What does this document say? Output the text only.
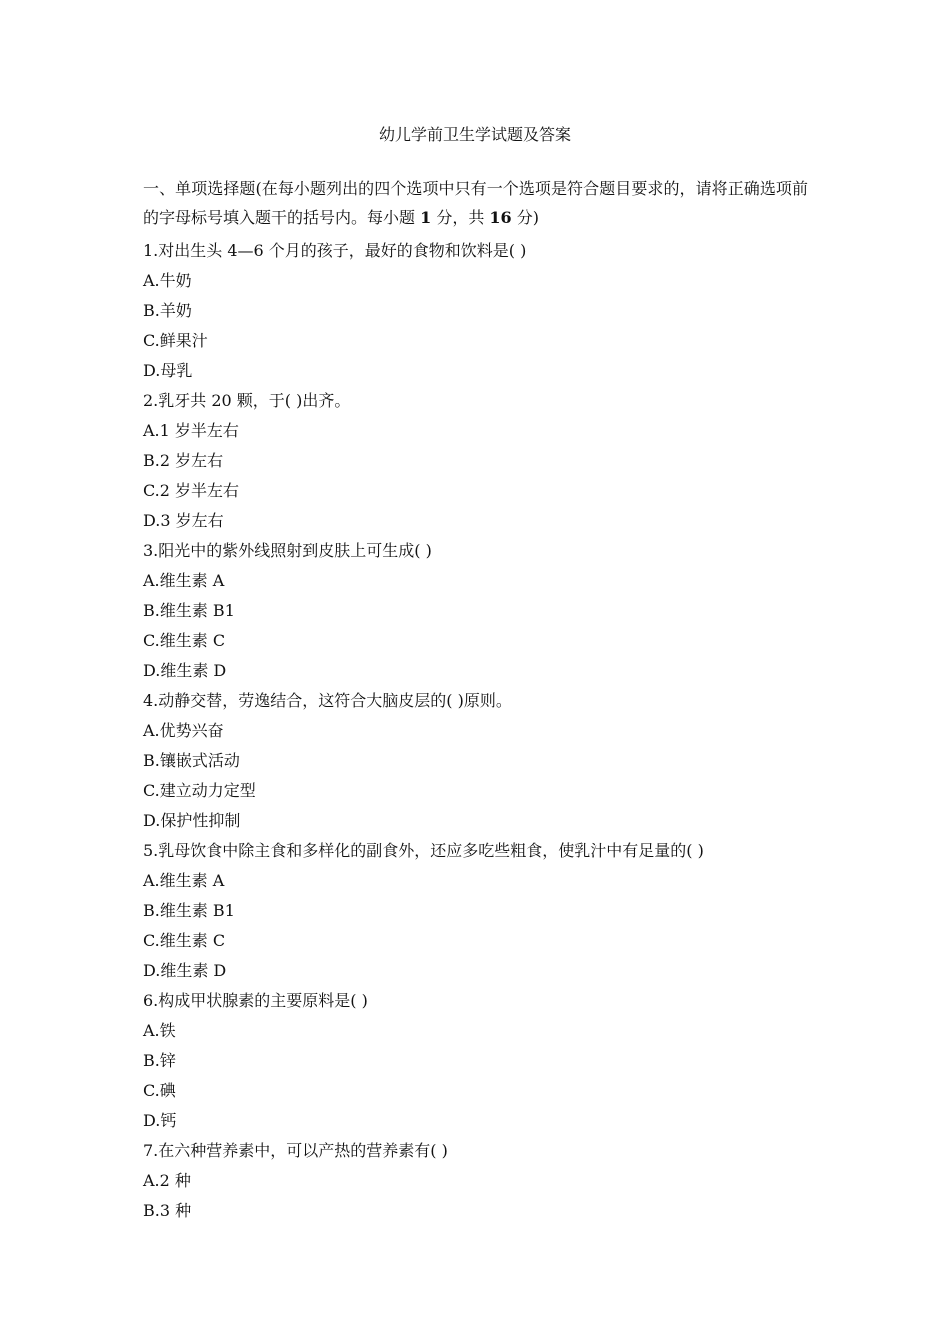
幼儿学前卫生学试题及答案

一、单项选择题(在每小题列出的四个选项中只有一个选项是符合题目要求的，请将正确选项前的字母标号填入题干的括号内。每小题 1 分，共 16 分)

1.对出生头 4—6 个月的孩子，最好的食物和饮料是( )

A.牛奶

B.羊奶

C.鲜果汁

D.母乳

2.乳牙共 20 颗，于( )出齐。

A.1 岁半左右

B.2 岁左右

C.2 岁半左右

D.3 岁左右

3.阳光中的紫外线照射到皮肤上可生成( )

A.维生素 A

B.维生素 B1

C.维生素 C

D.维生素 D

4.动静交替，劳逸结合，这符合大脑皮层的( )原则。

A.优势兴奋

B.镶嵌式活动

C.建立动力定型

D.保护性抑制

5.乳母饮食中除主食和多样化的副食外，还应多吃些粗食，使乳汁中有足量的( )

A.维生素 A

B.维生素 B1

C.维生素 C

D.维生素 D

6.构成甲状腺素的主要原料是( )

A.铁

B.锌

C.碘

D.钙

7.在六种营养素中，可以产热的营养素有( )

A.2 种

B.3 种
